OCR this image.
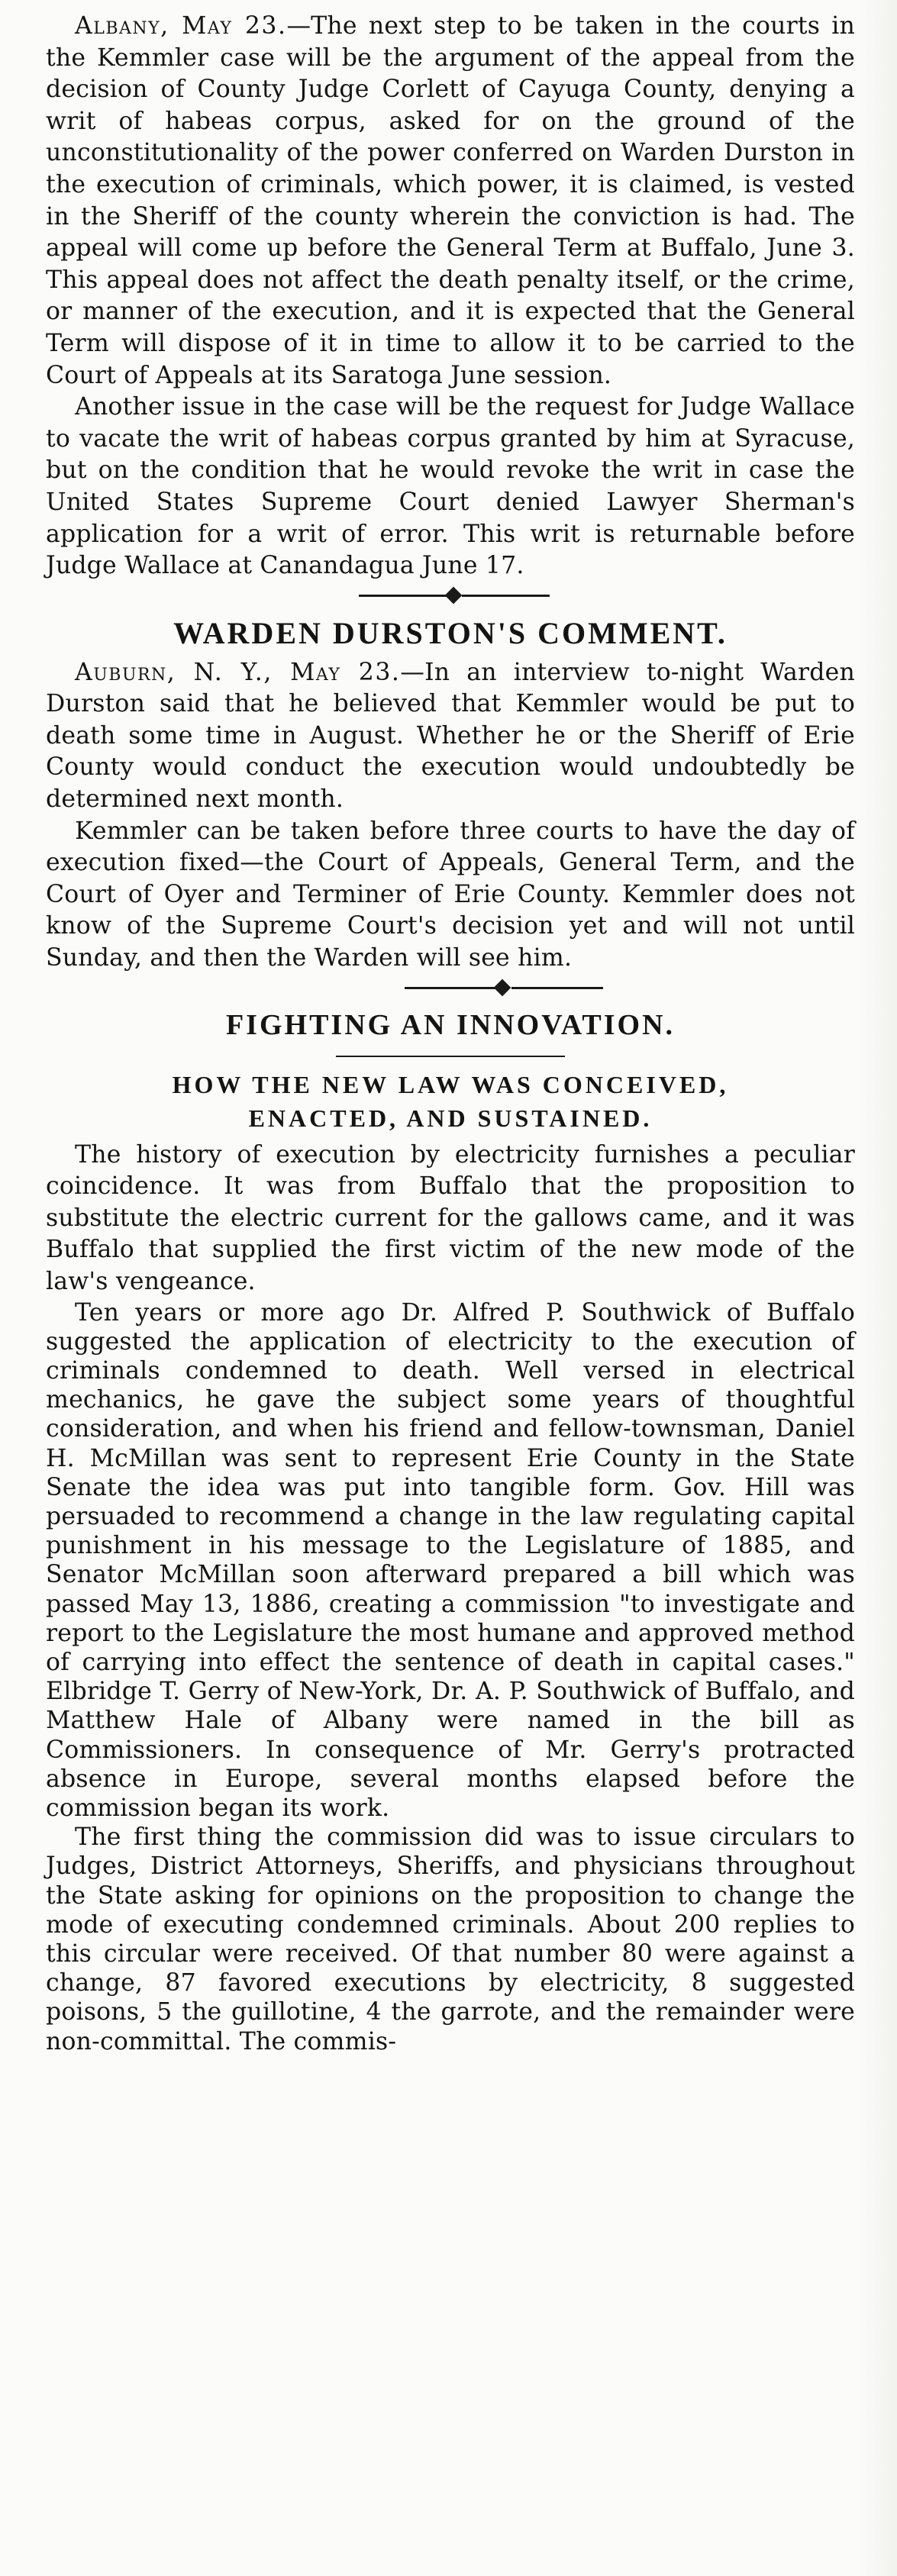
Albany, May 23.—The next step to be taken in the courts in the Kemmler case will be the argument of the appeal from the decision of County Judge Corlett of Cayuga County, denying a writ of habeas corpus, asked for on the ground of the unconstitutionality of the power conferred on Warden Durston in the execution of criminals, which power, it is claimed, is vested in the Sheriff of the county wherein the conviction is had. The appeal will come up before the General Term at Buffalo, June 3. This appeal does not affect the death penalty itself, or the crime, or manner of the execution, and it is expected that the General Term will dispose of it in time to allow it to be carried to the Court of Appeals at its Saratoga June session.

Another issue in the case will be the request for Judge Wallace to vacate the writ of habeas corpus granted by him at Syracuse, but on the condition that he would revoke the writ in case the United States Supreme Court denied Lawyer Sherman's application for a writ of error. This writ is returnable before Judge Wallace at Canandagua June 17.

WARDEN DURSTON'S COMMENT.

Auburn, N. Y., May 23.—In an interview to-night Warden Durston said that he believed that Kemmler would be put to death some time in August. Whether he or the Sheriff of Erie County would conduct the execution would undoubtedly be determined next month.

Kemmler can be taken before three courts to have the day of execution fixed—the Court of Appeals, General Term, and the Court of Oyer and Terminer of Erie County. Kemmler does not know of the Supreme Court's decision yet and will not until Sunday, and then the Warden will see him.

FIGHTING AN INNOVATION.
HOW THE NEW LAW WAS CONCEIVED,
ENACTED, AND SUSTAINED.

The history of execution by electricity furnishes a peculiar coincidence. It was from Buffalo that the proposition to substitute the electric current for the gallows came, and it was Buffalo that supplied the first victim of the new mode of the law's vengeance.

Ten years or more ago Dr. Alfred P. Southwick of Buffalo suggested the application of electricity to the execution of criminals condemned to death. Well versed in electrical mechanics, he gave the subject some years of thoughtful consideration, and when his friend and fellow-townsman, Daniel H. McMillan was sent to represent Erie County in the State Senate the idea was put into tangible form. Gov. Hill was persuaded to recommend a change in the law regulating capital punishment in his message to the Legislature of 1885, and Senator McMillan soon afterward prepared a bill which was passed May 13, 1886, creating a commission "to investigate and report to the Legislature the most humane and approved method of carrying into effect the sentence of death in capital cases." Elbridge T. Gerry of New-York, Dr. A. P. Southwick of Buffalo, and Matthew Hale of Albany were named in the bill as Commissioners. In consequence of Mr. Gerry's protracted absence in Europe, several months elapsed before the commission began its work.

The first thing the commission did was to issue circulars to Judges, District Attorneys, Sheriffs, and physicians throughout the State asking for opinions on the proposition to change the mode of executing condemned criminals. About 200 replies to this circular were received. Of that number 80 were against a change, 87 favored executions by electricity, 8 suggested poisons, 5 the guillotine, 4 the garrote, and the remainder were non-committal. The commis-
